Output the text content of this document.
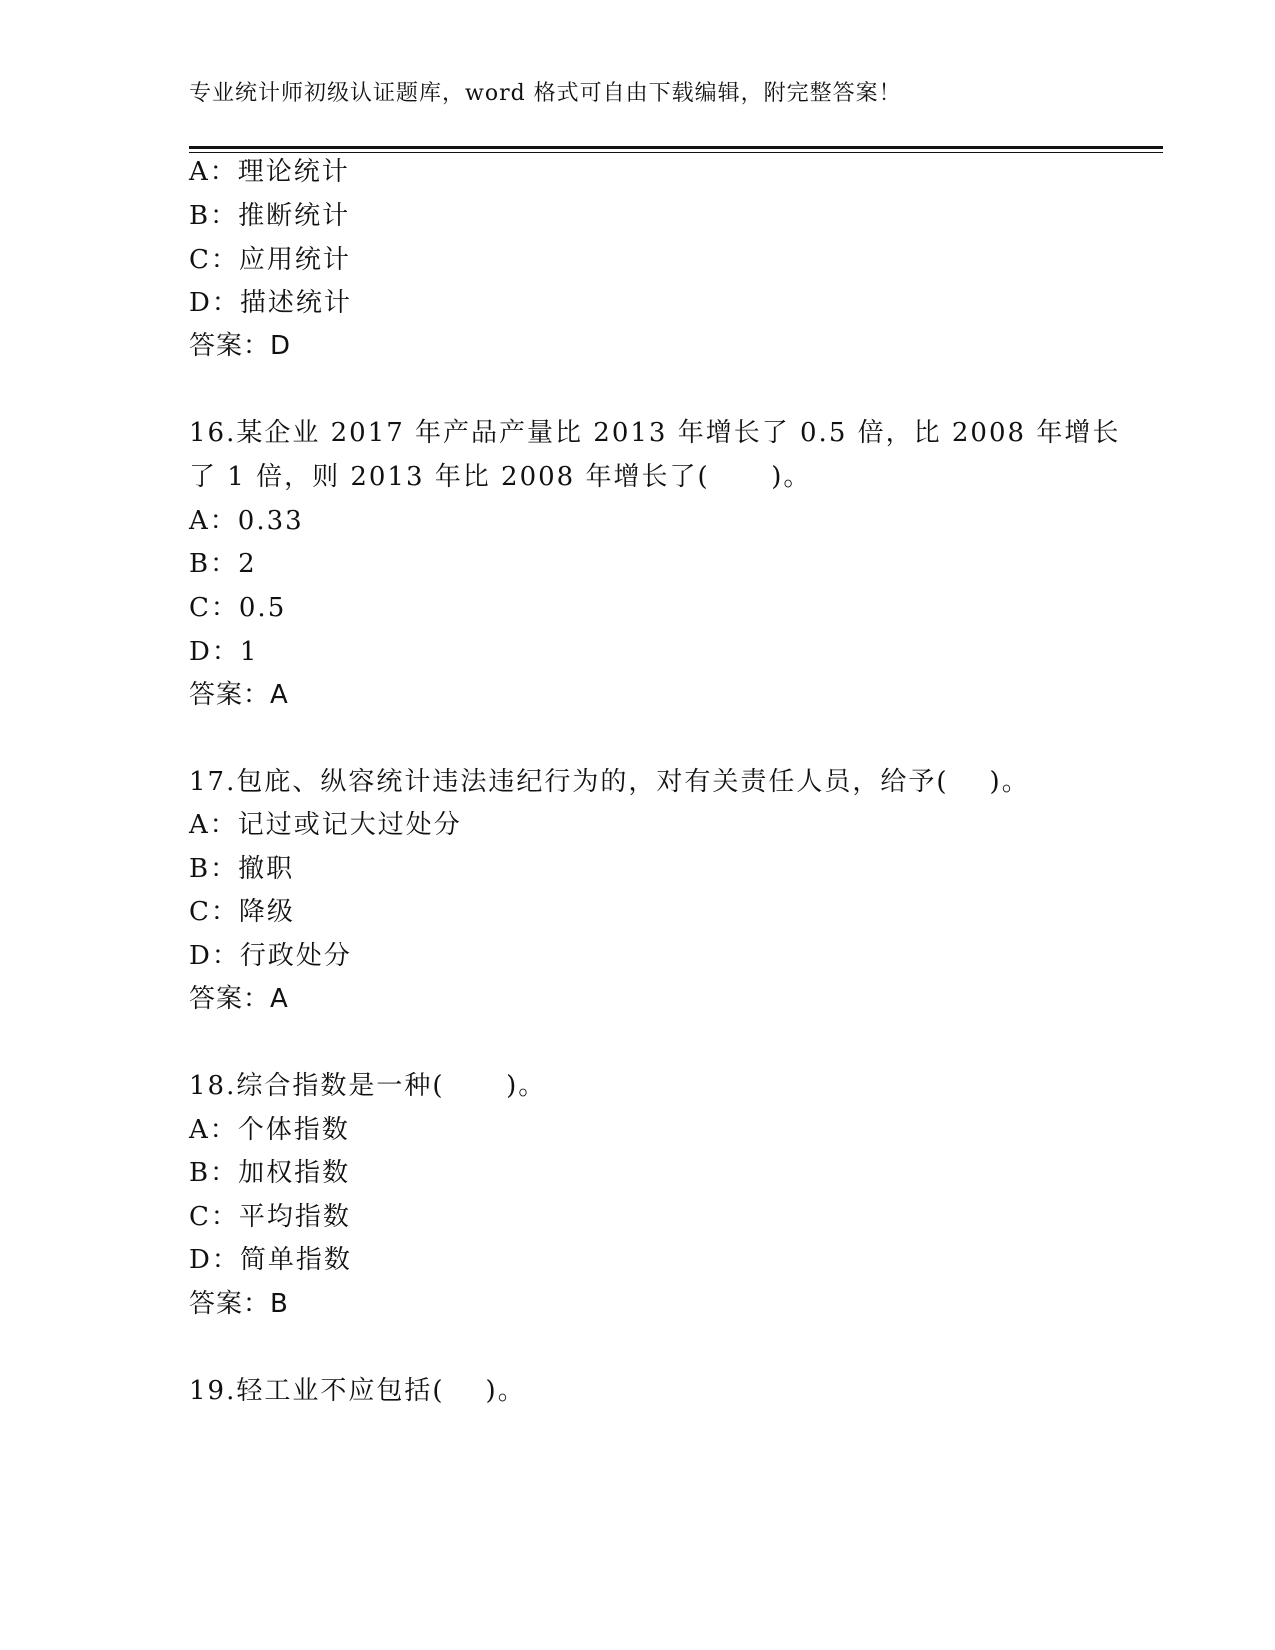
专业统计师初级认证题库，word 格式可自由下载编辑，附完整答案！
A：理论统计
B：推断统计
C：应用统计
D：描述统计
答案：D
16.某企业 2017 年产品产量比 2013 年增长了 0.5 倍，比 2008 年增长
了 1 倍，则 2013 年比 2008 年增长了(      )。
A：0.33
B：2
C：0.5
D：1
答案：A
17.包庇、纵容统计违法违纪行为的，对有关责任人员，给予(    )。
A：记过或记大过处分
B：撤职
C：降级
D：行政处分
答案：A
18.综合指数是一种(      )。
A：个体指数
B：加权指数
C：平均指数
D：简单指数
答案：B
19.轻工业不应包括(    )。
